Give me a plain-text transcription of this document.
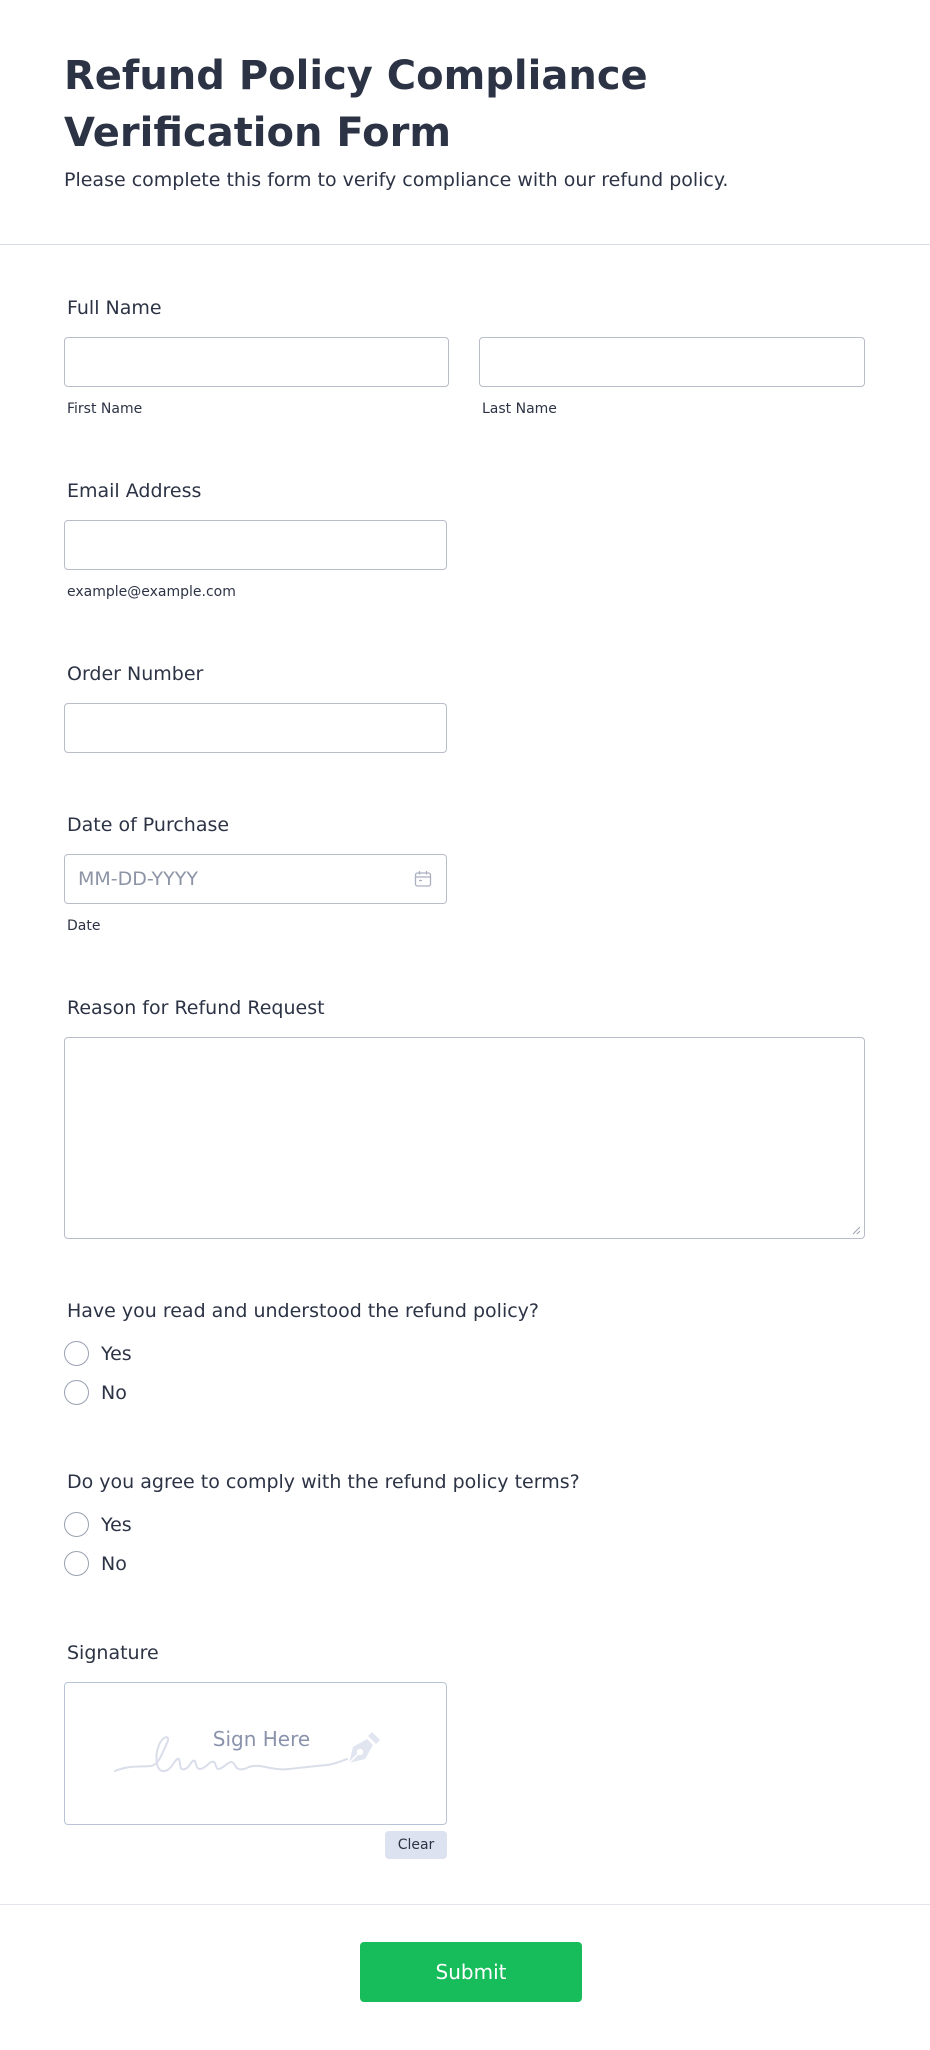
Refund Policy Compliance Verification Form
Please complete this form to verify compliance with our refund policy.
Full Name
First Name	Last Name
Email Address
example@example.com
Order Number
Date of Purchase
MM-DD-YYYY
Date
Reason for Refund Request
Have you read and understood the refund policy?
Yes
No
Do you agree to comply with the refund policy terms?
Yes
No
Signature
Sign Here
Clear
Submit
